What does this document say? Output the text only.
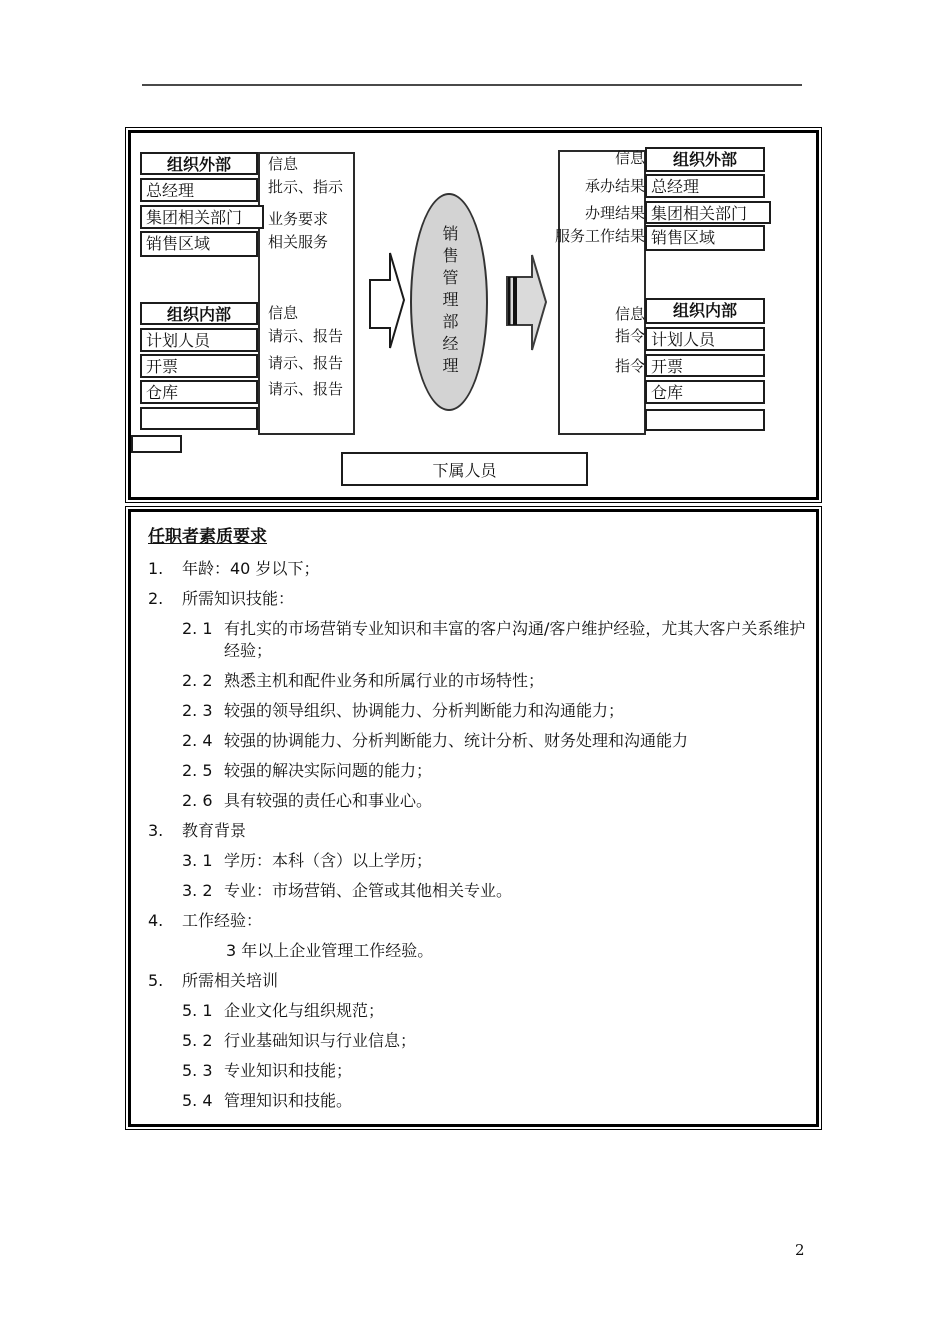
信息
批示、指示
业务要求
相关服务
信息
请示、报告
请示、报告
请示、报告
组织外部
总经理
集团相关部门
销售区域
组织内部
计划人员
开票
仓库
销售管理部经理
信息
承办结果
办理结果
服务工作结果
信息
指令
指令
组织外部
总经理
集团相关部门
销售区域
组织内部
计划人员
开票
仓库
下属人员
任职者素质要求
1.	年龄：40 岁以下；
2.	所需知识技能：
2. 1 有扎实的市场营销专业知识和丰富的客户沟通/客户维护经验，尤其大客户关系维护经验；
2. 2 熟悉主机和配件业务和所属行业的市场特性；
2. 3 较强的领导组织、协调能力、分析判断能力和沟通能力；
2. 4 较强的协调能力、分析判断能力、统计分析、财务处理和沟通能力
2. 5 较强的解决实际问题的能力；
2. 6 具有较强的责任心和事业心。
3.	教育背景
3. 1 学历：本科（含）以上学历；
3. 2 专业：市场营销、企管或其他相关专业。
4.	工作经验：
3 年以上企业管理工作经验。
5.	所需相关培训
5. 1 企业文化与组织规范；
5. 2 行业基础知识与行业信息；
5. 3 专业知识和技能；
5. 4 管理知识和技能。
2
